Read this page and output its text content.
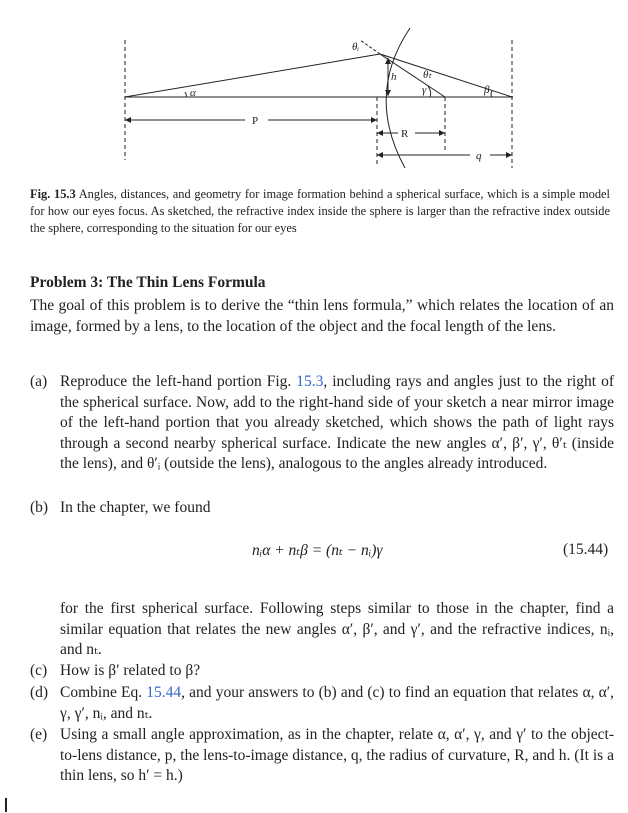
θᵢ
h θₜ
γ	β
α
P
R
q
Fig. 15.3 Angles, distances, and geometry for image formation behind a spherical surface, which is a simple model for how our eyes focus. As sketched, the refractive index inside the sphere is larger than the refractive index outside the sphere, corresponding to the situation for our eyes
Problem 3: The Thin Lens Formula

The goal of this problem is to derive the “thin lens formula,” which relates the location of an image, formed by a lens, to the location of the object and the focal length of the lens.

(a) Reproduce the left-hand portion Fig. 15.3, including rays and angles just to the right of the spherical surface. Now, add to the right-hand side of your sketch a near mirror image of the left-hand portion that you already sketched, which shows the path of light rays through a second nearby spherical surface. Indicate the new angles α′, β′, γ′, θ′ₜ (inside the lens), and θ′ᵢ (outside the lens), analogous to the angles already introduced.
(b) In the chapter, we found
nᵢα + nₜβ = (nₜ − nᵢ)γ	(15.44)
for the first spherical surface. Following steps similar to those in the chapter, find a similar equation that relates the new angles α′, β′, and γ′, and the refractive indices, nᵢ, and nₜ.
(c) How is β′ related to β?
(d) Combine Eq. 15.44, and your answers to (b) and (c) to find an equation that relates α, α′, γ, γ′, nᵢ, and nₜ.
(e) Using a small angle approximation, as in the chapter, relate α, α′, γ, and γ′ to the object-to-lens distance, p, the lens-to-image distance, q, the radius of curvature, R, and h. (It is a thin lens, so h′ = h.)
